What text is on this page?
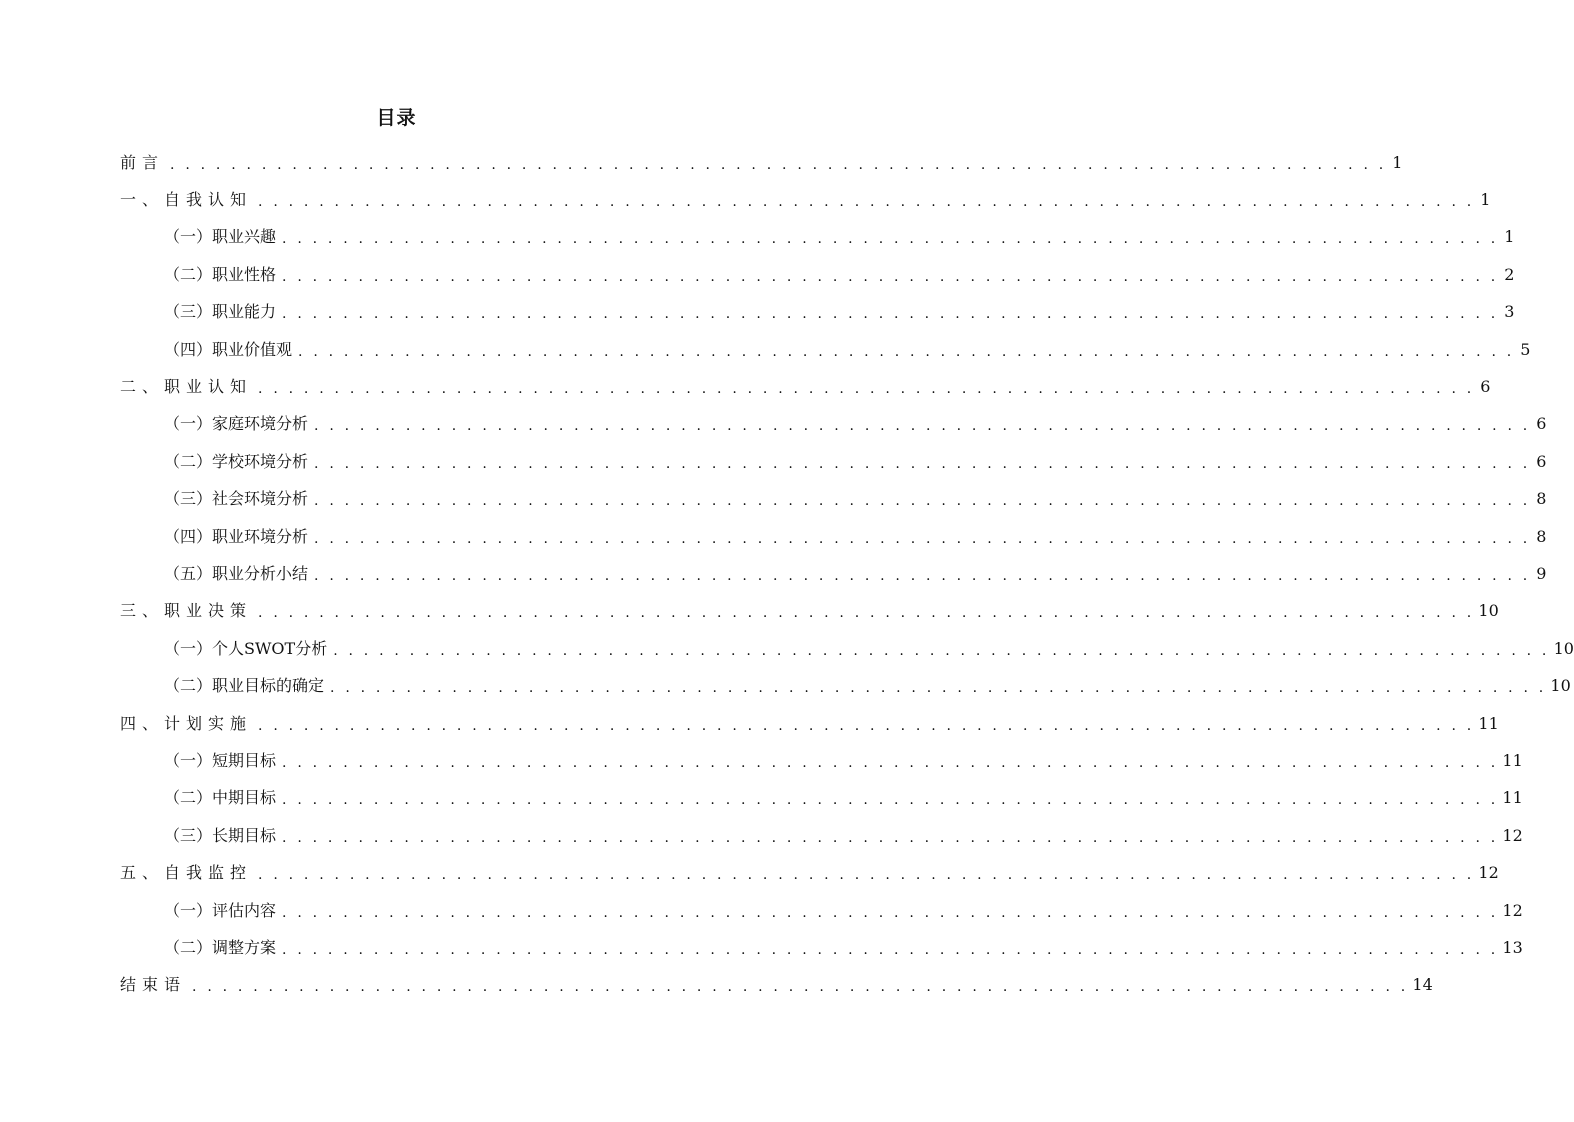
目录
前言 . . . . . . . . . . . . . . . . . . . . . . . . . . . . . . . . . . . . . . . . . . . . . . . . . . . . . . . . . . . . . . . . . . . . . . . . . . . . . . . . 1
一、自我认知 . . . . . . . . . . . . . . . . . . . . . . . . . . . . . . . . . . . . . . . . . . . . . . . . . . . . . . . . . . . . . . . . . . . . . . . . . . . . . . . . 1
（一）职业兴趣 . . . . . . . . . . . . . . . . . . . . . . . . . . . . . . . . . . . . . . . . . . . . . . . . . . . . . . . . . . . . . . . . . . . . . . . . . . . . . . . . 1
（二）职业性格 . . . . . . . . . . . . . . . . . . . . . . . . . . . . . . . . . . . . . . . . . . . . . . . . . . . . . . . . . . . . . . . . . . . . . . . . . . . . . . . . 2
（三）职业能力 . . . . . . . . . . . . . . . . . . . . . . . . . . . . . . . . . . . . . . . . . . . . . . . . . . . . . . . . . . . . . . . . . . . . . . . . . . . . . . . . 3
（四）职业价值观 . . . . . . . . . . . . . . . . . . . . . . . . . . . . . . . . . . . . . . . . . . . . . . . . . . . . . . . . . . . . . . . . . . . . . . . . . . . . . . . . 5
二、职业认知 . . . . . . . . . . . . . . . . . . . . . . . . . . . . . . . . . . . . . . . . . . . . . . . . . . . . . . . . . . . . . . . . . . . . . . . . . . . . . . . . 6
（一）家庭环境分析 . . . . . . . . . . . . . . . . . . . . . . . . . . . . . . . . . . . . . . . . . . . . . . . . . . . . . . . . . . . . . . . . . . . . . . . . . . . . . . . . 6
（二）学校环境分析 . . . . . . . . . . . . . . . . . . . . . . . . . . . . . . . . . . . . . . . . . . . . . . . . . . . . . . . . . . . . . . . . . . . . . . . . . . . . . . . . 6
（三）社会环境分析 . . . . . . . . . . . . . . . . . . . . . . . . . . . . . . . . . . . . . . . . . . . . . . . . . . . . . . . . . . . . . . . . . . . . . . . . . . . . . . . . 8
（四）职业环境分析 . . . . . . . . . . . . . . . . . . . . . . . . . . . . . . . . . . . . . . . . . . . . . . . . . . . . . . . . . . . . . . . . . . . . . . . . . . . . . . . . 8
（五）职业分析小结 . . . . . . . . . . . . . . . . . . . . . . . . . . . . . . . . . . . . . . . . . . . . . . . . . . . . . . . . . . . . . . . . . . . . . . . . . . . . . . . . 9
三、职业决策 . . . . . . . . . . . . . . . . . . . . . . . . . . . . . . . . . . . . . . . . . . . . . . . . . . . . . . . . . . . . . . . . . . . . . . . . . . . . . . . . 10
（一）个人SWOT分析 . . . . . . . . . . . . . . . . . . . . . . . . . . . . . . . . . . . . . . . . . . . . . . . . . . . . . . . . . . . . . . . . . . . . . . . . . . . . . . . . 10
（二）职业目标的确定 . . . . . . . . . . . . . . . . . . . . . . . . . . . . . . . . . . . . . . . . . . . . . . . . . . . . . . . . . . . . . . . . . . . . . . . . . . . . . . . . 10
四、计划实施 . . . . . . . . . . . . . . . . . . . . . . . . . . . . . . . . . . . . . . . . . . . . . . . . . . . . . . . . . . . . . . . . . . . . . . . . . . . . . . . . 11
（一）短期目标 . . . . . . . . . . . . . . . . . . . . . . . . . . . . . . . . . . . . . . . . . . . . . . . . . . . . . . . . . . . . . . . . . . . . . . . . . . . . . . . . 11
（二）中期目标 . . . . . . . . . . . . . . . . . . . . . . . . . . . . . . . . . . . . . . . . . . . . . . . . . . . . . . . . . . . . . . . . . . . . . . . . . . . . . . . . 11
（三）长期目标 . . . . . . . . . . . . . . . . . . . . . . . . . . . . . . . . . . . . . . . . . . . . . . . . . . . . . . . . . . . . . . . . . . . . . . . . . . . . . . . . 12
五、自我监控 . . . . . . . . . . . . . . . . . . . . . . . . . . . . . . . . . . . . . . . . . . . . . . . . . . . . . . . . . . . . . . . . . . . . . . . . . . . . . . . . 12
（一）评估内容 . . . . . . . . . . . . . . . . . . . . . . . . . . . . . . . . . . . . . . . . . . . . . . . . . . . . . . . . . . . . . . . . . . . . . . . . . . . . . . . . 12
（二）调整方案 . . . . . . . . . . . . . . . . . . . . . . . . . . . . . . . . . . . . . . . . . . . . . . . . . . . . . . . . . . . . . . . . . . . . . . . . . . . . . . . . 13
结束语 . . . . . . . . . . . . . . . . . . . . . . . . . . . . . . . . . . . . . . . . . . . . . . . . . . . . . . . . . . . . . . . . . . . . . . . . . . . . . . . . 14
